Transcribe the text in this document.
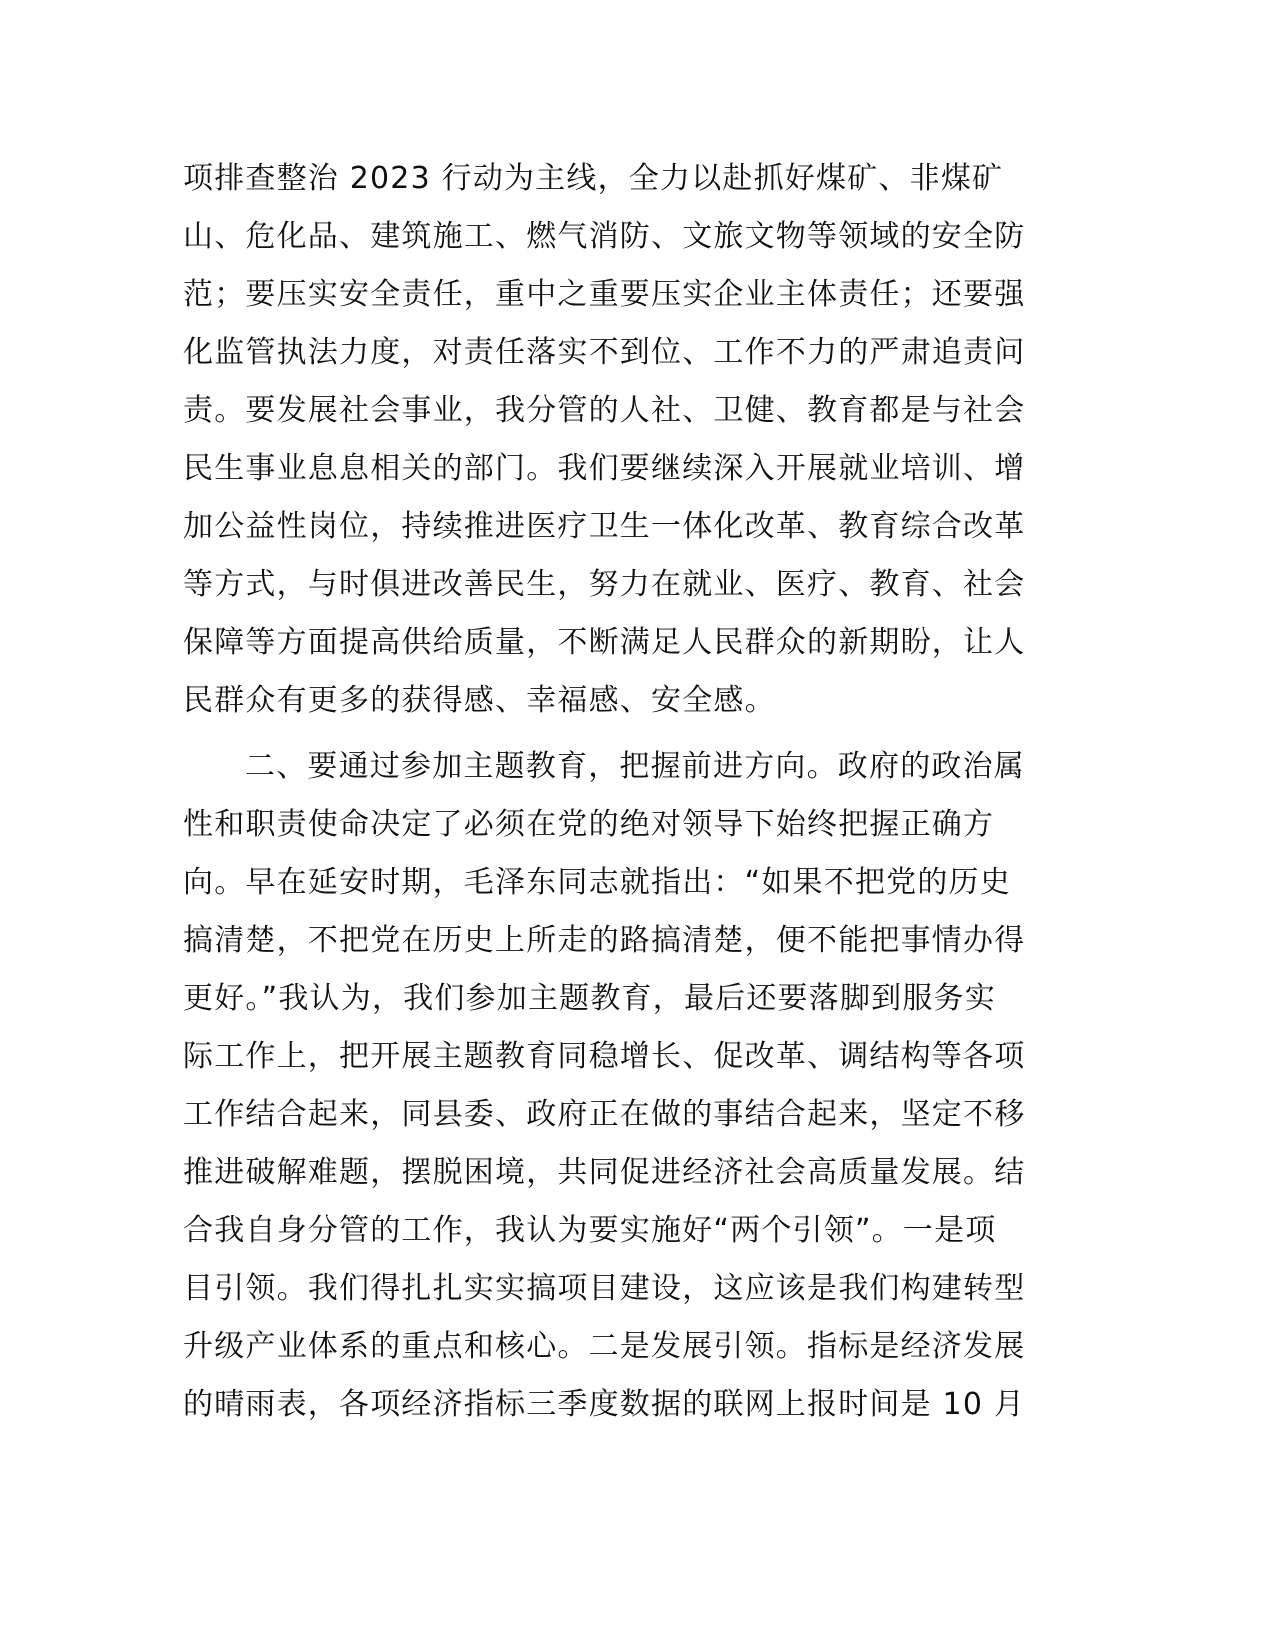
项排查整治 2023 行动为主线，全力以赴抓好煤矿、非煤矿
山、危化品、建筑施工、燃气消防、文旅文物等领域的安全防
范；要压实安全责任，重中之重要压实企业主体责任；还要强
化监管执法力度，对责任落实不到位、工作不力的严肃追责问
责。要发展社会事业，我分管的人社、卫健、教育都是与社会
民生事业息息相关的部门。我们要继续深入开展就业培训、增
加公益性岗位，持续推进医疗卫生一体化改革、教育综合改革
等方式，与时俱进改善民生，努力在就业、医疗、教育、社会
保障等方面提高供给质量，不断满足人民群众的新期盼，让人
民群众有更多的获得感、幸福感、安全感。

二、要通过参加主题教育，把握前进方向。政府的政治属
性和职责使命决定了必须在党的绝对领导下始终把握正确方
向。早在延安时期，毛泽东同志就指出：“如果不把党的历史
搞清楚，不把党在历史上所走的路搞清楚，便不能把事情办得
更好。”我认为，我们参加主题教育，最后还要落脚到服务实
际工作上，把开展主题教育同稳增长、促改革、调结构等各项
工作结合起来，同县委、政府正在做的事结合起来，坚定不移
推进破解难题，摆脱困境，共同促进经济社会高质量发展。结
合我自身分管的工作，我认为要实施好“两个引领”。一是项
目引领。我们得扎扎实实搞项目建设，这应该是我们构建转型
升级产业体系的重点和核心。二是发展引领。指标是经济发展
的晴雨表，各项经济指标三季度数据的联网上报时间是 10 月
